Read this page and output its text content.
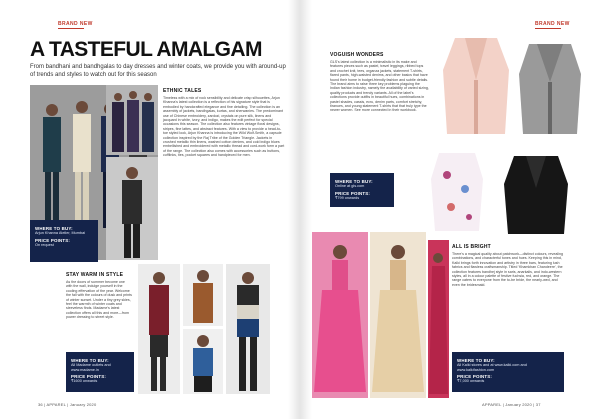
BRAND NEW
A TASTEFUL AMALGAM
From bandhani and bandhgalas to day dresses and winter coats, we provide you with around-up of trends and styles to watch out for this season
ETHNIC TALES
Timeless with a mix of rock sensibility and delicate crisp silhouettes, Arjun Khanna's latest collection is a reflection of his signature style that is embodied by handcrafted elegance and fine detailing. The collection is an assembly of jackets, bandhgalas, kurtas, and sherwanies. The predominant use of Chinese embroidery, zardozi, crystals on pure silk, linens and jacquard in white, ivory, and indigo, makes the edit perfect for special occasions this season. The collection also features vintage floral designs, stripes, fine lattes, and abstract features. With a view to provide a head-to-toe styled look, Arjun Khanna is introducing the Wild Wolf-Smith, a capsule collection inspired by the Raj Tribe of the Golden Triangle. Jackets in crushed metallic thin linens, washed cotton denims, and cold indigo blues embellished and embroidered with metallic thread and cord-work form a part of the range. The collection also comes with accessories such as buttons, cufflinks, ties, pocket squares and handpieced for men.
WHERE TO BUY:
Arjun Khanna Atelier, Mumbai
PRICE POINTS:
On request
STAY WARM IN STYLE
As the doors of summer become one with the wall, indulge yourself in the cooling effervation of the year. Welcome the fall with the colours of dusk and prints of winter sunset. Under a tiny grey skies, feel the warmth of winter coats and sleeveless finds. Madame's latest collection offers all this and more—from power dressing to street style.
WHERE TO BUY:
All Madame outlets and www.madame.in
PRICE POINTS:
₹1600 onwards
36 | APPAREL | January 2020
BRAND NEW
VOGUISH WONDERS
GLS's latest collection is a minimalistic in its make and features pieces such as pastel, travel leggings, ribbed tops and crochet knit, tees, organza jackets, statement T-shirts, flared pants, high-waisted denims, and other basics that have found their home in budget-friendly fashion and subtle details. The brand aims to raise three key problems plaguing the Indian fashion industry, namely the availability of varied sizing, quality products and trendy variants. All of the label's collections provide outfits in beautiful hues, combinations in pastel shades, cassis, ecru, denim parts, comfort stretchy, tiranues, and young statement T-shirts that that truly type the newer women. See more connected in their workbook.
WHERE TO BUY:
Online at gls.com
PRICE POINTS:
₹799 onwards
ALL IS BRIGHT
There's a magical quality about patchwork—distinct colours, revealing combinations, and characterful tones and hues. Keeping this in mind, Kalki brings forth innovation and artistry in three bars, featuring lush fabrics and flawless craftsmanship. Titled 'Khamkhan Chandeere', the collection features bandhej style in saris, anarkalis, and indo-western styles, all in a colour palette of festive fuchsia, red, and orange. The range caters to everyone from the to-be bride, the nearly-wed, and even the bridesmaid.
WHERE TO BUY:
All Kalki stores and at www.kalki.com and www.kalkifashion.com
PRICE POINTS:
₹7,000 onwards
APPAREL | January 2020 | 37
